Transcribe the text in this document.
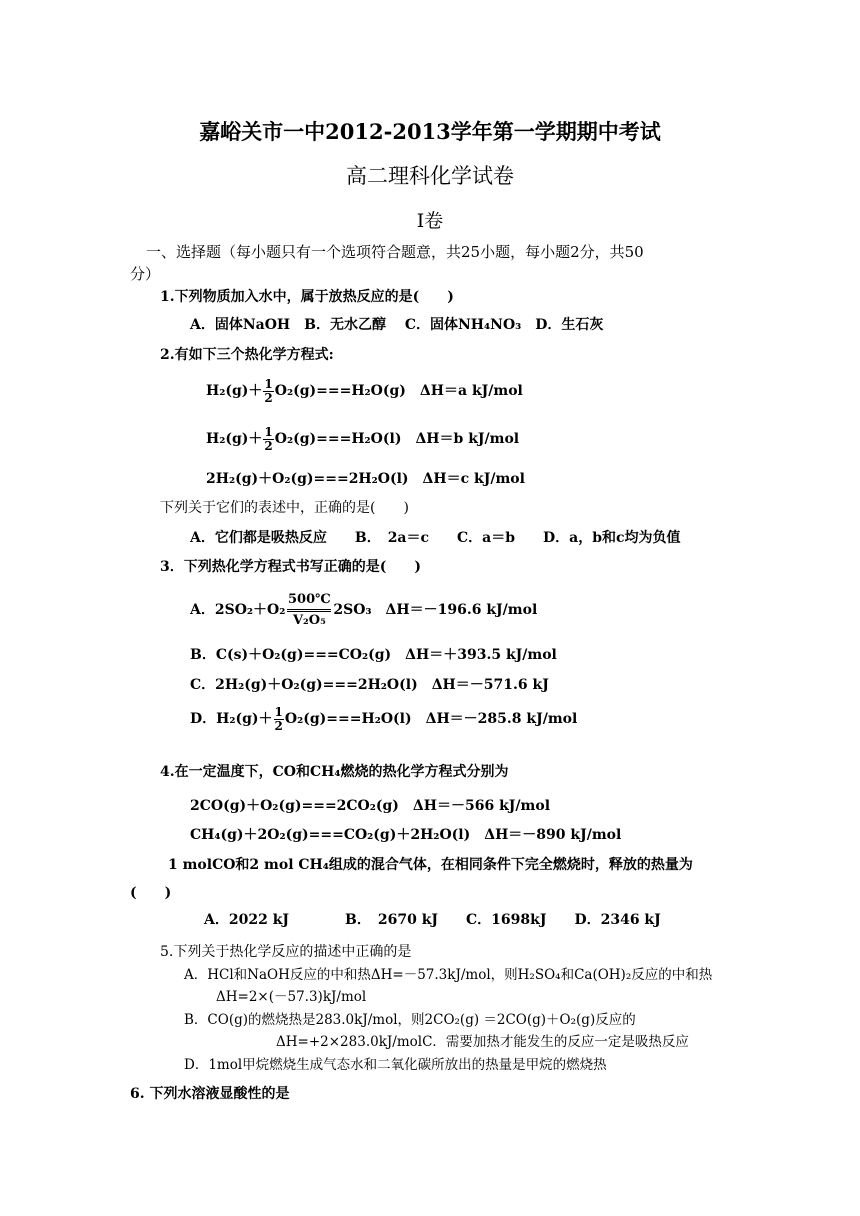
嘉峪关市一中2012-2013学年第一学期期中考试
高二理科化学试卷
Ⅰ卷
一、选择题（每小题只有一个选项符合题意，共25小题，每小题2分，共50
分）
1.下列物质加入水中，属于放热反应的是(　　)
A．固体NaOH　B．无水乙醇　 C．固体NH₄NO₃　D．生石灰
2.有如下三个热化学方程式:
$H_2(g)+ \frac{1}{2} O_2(g)===H_2O(g)$　ΔH＝a kJ/mol
$H_2(g)+ \frac{1}{2} O_2(g)===H_2O(l)$　ΔH＝b kJ/mol
2H₂(g)＋O₂(g)===2H₂O(l)　ΔH＝c kJ/mol
下列关于它们的表述中，正确的是(　　)
A．它们都是吸热反应　　B．　2a＝c　　C．a＝b　　D．a，b和c均为负值
3．下列热化学方程式书写正确的是(　　)
A．$2SO_2+O_2 \frac{500℃}{\text{V₂O₅}} 2SO_3$　ΔH＝－196.6 kJ/mol
B．C(s)＋O₂(g)===CO₂(g)　ΔH＝＋393.5 kJ/mol
C．2H₂(g)＋O₂(g)===2H₂O(l)　ΔH＝－571.6 kJ
D．$H_2(g)+ \frac{1}{2} O_2(g)===H_2O(l)$　ΔH＝－285.8 kJ/mol
4.在一定温度下，CO和CH₄燃烧的热化学方程式分别为
2CO(g)＋O₂(g)===2CO₂(g)　ΔH＝－566 kJ/mol
CH₄(g)＋2O₂(g)===CO₂(g)＋2H₂O(l)　ΔH＝－890 kJ/mol
1 molCO和2 mol CH₄组成的混合气体，在相同条件下完全燃烧时，释放的热量为
(　　)
A．2022 kJ　　　　B．　2670 kJ　　C．1698kJ　　D．2346 kJ
5.下列关于热化学反应的描述中正确的是
A．HCl和NaOH反应的中和热ΔH=－57.3kJ/mol，则H₂SO₄和Ca(OH)₂反应的中和热
ΔH=2×(－57.3)kJ/mol
B．CO(g)的燃烧热是283.0kJ/mol，则2CO₂(g) ＝2CO(g)＋O₂(g)反应的
ΔH=+2×283.0kJ/molC．需要加热才能发生的反应一定是吸热反应
D．1mol甲烷燃烧生成气态水和二氧化碳所放出的热量是甲烷的燃烧热
6. 下列水溶液显酸性的是
